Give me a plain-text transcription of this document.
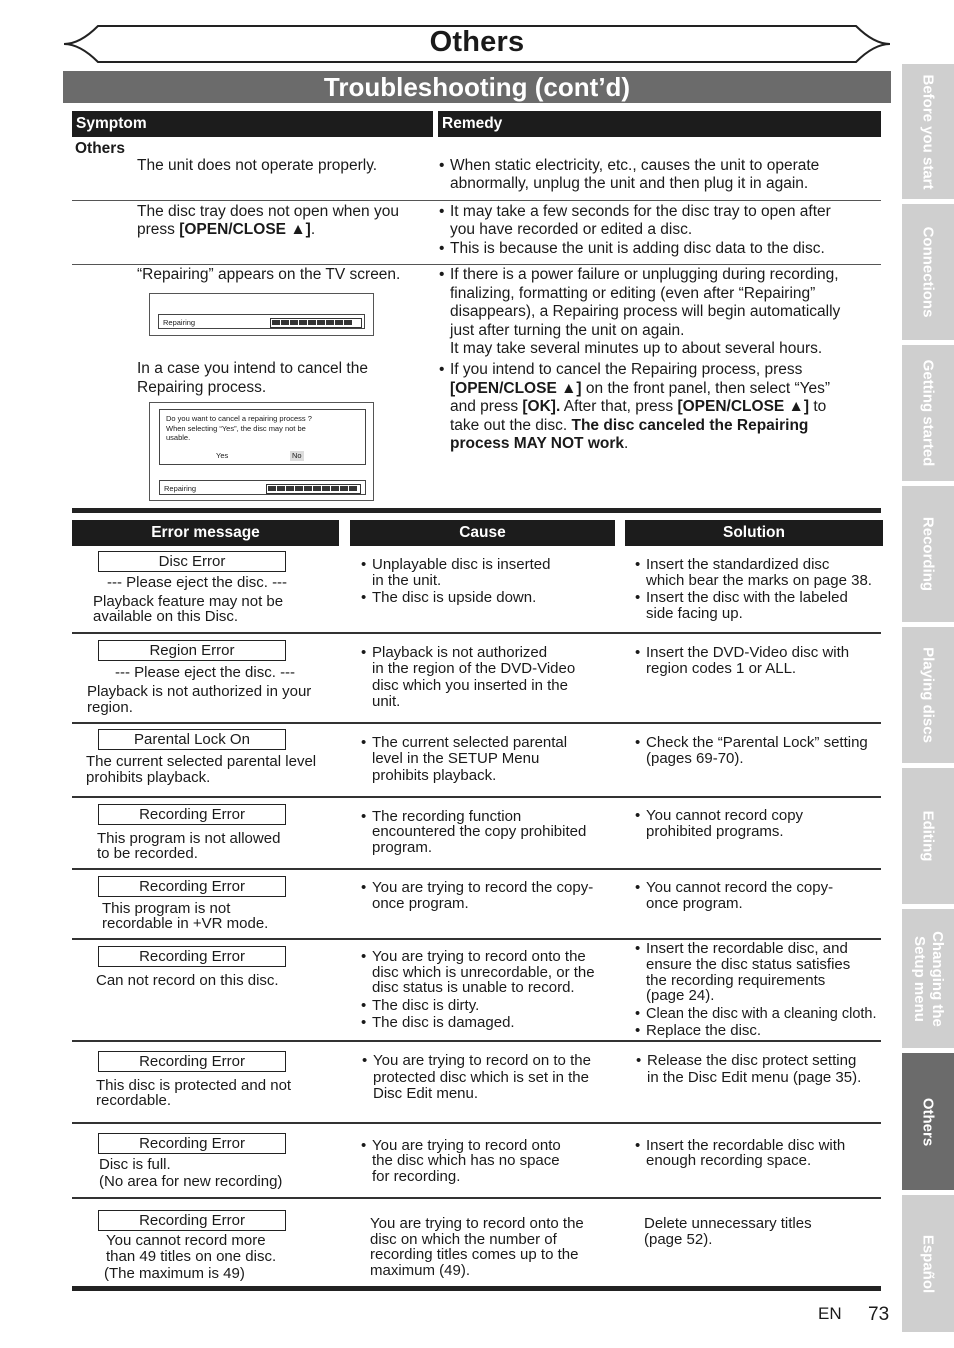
Others
Troubleshooting (cont’d)
Symptom	Remedy
Others
The unit does not operate properly.
•	When static electricity, etc., causes the unit to operate
abnormally, unplug the unit and then plug it in again.
The disc tray does not open when you
press [OPEN/CLOSE ▲].
• It may take a few seconds for the disc tray to open after
you have recorded or edited a disc.
• This is because the unit is adding disc data to the disc.
“Repairing” appears on the TV screen.
Repairing
In a case you intend to cancel the
Repairing process.
Do you want to cancel a repairing process ?
When selecting “Yes”, the disc may not be
usable.
Yes	No
Repairing
• If there is a power failure or unplugging during recording,
finalizing, formatting or editing (even after “Repairing”
disappears), a Repairing process will begin automatically
just after turning the unit on again.
It may take several minutes up to about several hours.
• If you intend to cancel the Repairing process, press
[OPEN/CLOSE ▲] on the front panel, then select “Yes”
and press [OK]. After that, press [OPEN/CLOSE ▲] to
take out the disc. The disc canceled the Repairing
process MAY NOT work.
Error message	Cause	Solution
Disc Error
--- Please eject the disc. ---
Playback feature may not be
available on this Disc.
• Unplayable disc is inserted
in the unit.
• The disc is upside down.
• Insert the standardized disc
which bear the marks on page 38.
• Insert the disc with the labeled
side facing up.
Region Error
--- Please eject the disc. ---
Playback is not authorized in your
region.
• Playback is not authorized
in the region of the DVD-Video
disc which you inserted in the
unit.
• Insert the DVD-Video disc with
region codes 1 or ALL.
Parental Lock On
The current selected parental level
prohibits playback.
• The current selected parental
level in the SETUP Menu
prohibits playback.
• Check the “Parental Lock” setting
(pages 69-70).
Recording Error
This program is not allowed
to be recorded.
• The recording function
encountered the copy prohibited
program.
• You cannot record copy
prohibited programs.
Recording Error
This program is not
recordable in +VR mode.
• You are trying to record the copy-
once program.
• You cannot record the copy-
once program.
Recording Error
Can not record on this disc.
• You are trying to record onto the
disc which is unrecordable, or the
disc status is unable to record.
• The disc is dirty.
• The disc is damaged.
• Insert the recordable disc, and
ensure the disc status satisfies
the recording requirements
(page 24).
• Clean the disc with a cleaning cloth.
• Replace the disc.
Recording Error
This disc is protected and not
recordable.
• You are trying to record on to the
protected disc which is set in the
Disc Edit menu.
• Release the disc protect setting
in the Disc Edit menu (page 35).
Recording Error
Disc is full.
(No area for new recording)
• You are trying to record onto
the disc which has no space
for recording.
• Insert the recordable disc with
enough recording space.
Recording Error
You cannot record more
than 49 titles on one disc.
(The maximum is 49)
You are trying to record onto the
disc on which the number of
recording titles comes up to the
maximum (49).
Delete unnecessary titles
(page 52).
Before you start
Connections
Getting started
Recording
Playing discs
Editing
Changing the Setup menu
Others
Español
EN 73
